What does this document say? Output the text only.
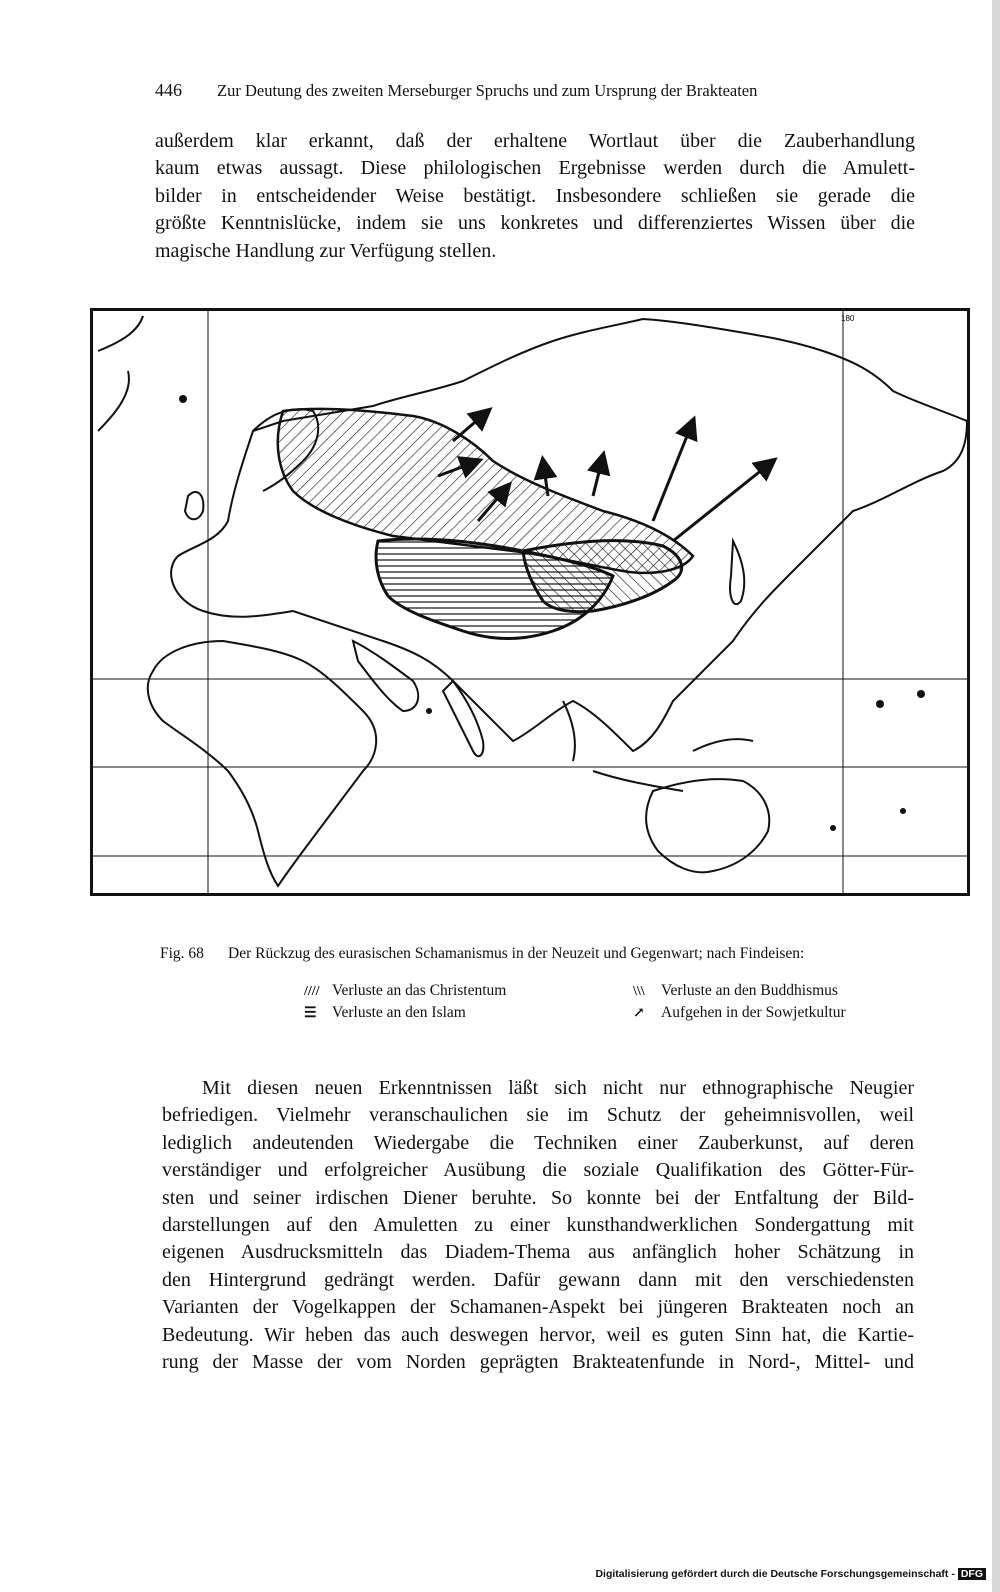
446 Zur Deutung des zweiten Merseburger Spruchs und zum Ursprung der Brakteaten
außerdem klar erkannt, daß der erhaltene Wortlaut über die Zauberhandlung
kaum etwas aussagt. Diese philologischen Ergebnisse werden durch die Amulett-
bilder in entscheidender Weise bestätigt. Insbesondere schließen sie gerade die
größte Kenntnislücke, indem sie uns konkretes und differenziertes Wissen über die
magische Handlung zur Verfügung stellen.
180
Fig. 68	Der Rückzug des eurasischen Schamanismus in der Neuzeit und Gegenwart; nach Findeisen:
//// Verluste an das Christentum
☰ Verluste an den Islam
\\\ Verluste an den Buddhismus
↗ Aufgehen in der Sowjetkultur
Mit diesen neuen Erkenntnissen läßt sich nicht nur ethnographische Neugier
befriedigen. Vielmehr veranschaulichen sie im Schutz der geheimnisvollen, weil
lediglich andeutenden Wiedergabe die Techniken einer Zauberkunst, auf deren
verständiger und erfolgreicher Ausübung die soziale Qualifikation des Götter-Für-
sten und seiner irdischen Diener beruhte. So konnte bei der Entfaltung der Bild-
darstellungen auf den Amuletten zu einer kunsthandwerklichen Sondergattung mit
eigenen Ausdrucksmitteln das Diadem-Thema aus anfänglich hoher Schätzung in
den Hintergrund gedrängt werden. Dafür gewann dann mit den verschiedensten
Varianten der Vogelkappen der Schamanen-Aspekt bei jüngeren Brakteaten noch an
Bedeutung. Wir heben das auch deswegen hervor, weil es guten Sinn hat, die Kartie-
rung der Masse der vom Norden geprägten Brakteatenfunde in Nord-, Mittel- und
Digitalisierung gefördert durch die Deutsche Forschungsgemeinschaft - DFG
